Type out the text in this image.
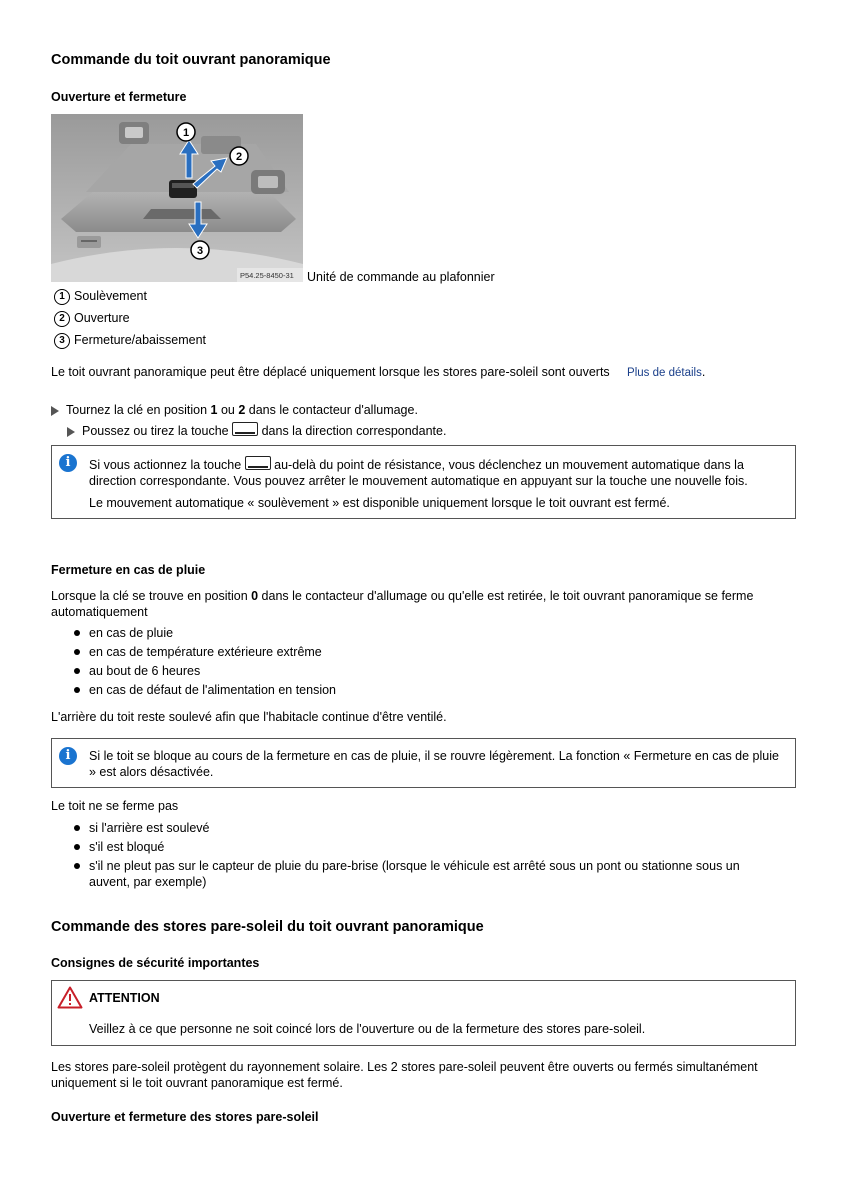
Commande du toit ouvrant panoramique
Ouverture et fermeture
1
2
3
P54.25-8450-31 Unité de commande au plafonnier
1 Soulèvement
2 Ouverture
3 Fermeture/abaissement

Le toit ouvrant panoramique peut être déplacé uniquement lorsque les stores pare-soleil sont ouverts Plus de détails.

Tournez la clé en position 1 ou 2 dans le contacteur d'allumage.
Poussez ou tirez la touche	dans la direction correspondante.
i	Si vous actionnez la touche	au-delà du point de résistance, vous déclenchez un mouvement automatique dans la
direction correspondante. Vous pouvez arrêter le mouvement automatique en appuyant sur la touche une nouvelle fois.
Le mouvement automatique « soulèvement » est disponible uniquement lorsque le toit ouvrant est fermé.
Fermeture en cas de pluie

Lorsque la clé se trouve en position 0 dans le contacteur d'allumage ou qu'elle est retirée, le toit ouvrant panoramique se ferme automatiquement

en cas de pluie
en cas de température extérieure extrême
au bout de 6 heures
en cas de défaut de l'alimentation en tension

L'arrière du toit reste soulevé afin que l'habitacle continue d'être ventilé.

i	Si le toit se bloque au cours de la fermeture en cas de pluie, il se rouvre légèrement. La fonction « Fermeture en cas de pluie » est alors désactivée.

Le toit ne se ferme pas

si l'arrière est soulevé
s'il est bloqué
s'il ne pleut pas sur le capteur de pluie du pare-brise (lorsque le véhicule est arrêté sous un pont ou stationne sous un auvent, par exemple)
Commande des stores pare-soleil du toit ouvrant panoramique
Consignes de sécurité importantes
ATTENTION
Veillez à ce que personne ne soit coincé lors de l'ouverture ou de la fermeture des stores pare-soleil.

Les stores pare-soleil protègent du rayonnement solaire. Les 2 stores pare-soleil peuvent être ouverts ou fermés simultanément uniquement si le toit ouvrant panoramique est fermé.

Ouverture et fermeture des stores pare-soleil
